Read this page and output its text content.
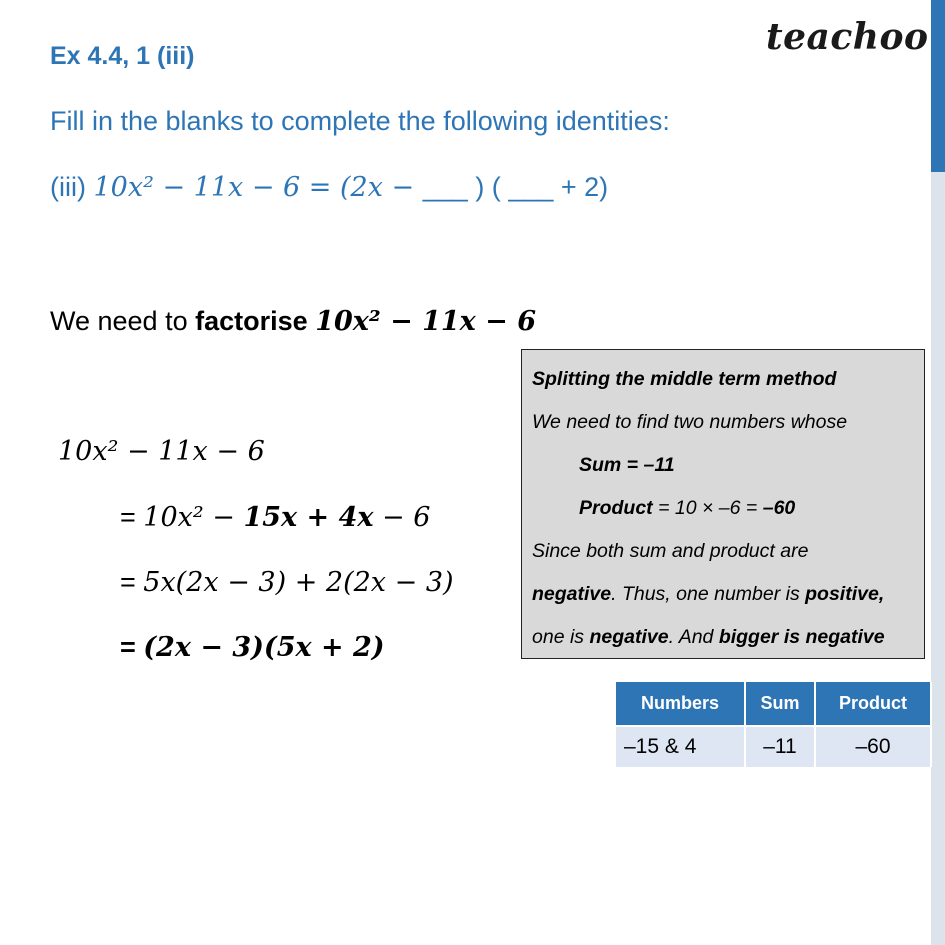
teachoo
Ex 4.4, 1 (iii)
Fill in the blanks to complete the following identities:
(iii) 10x² − 11x − 6 = (2x − ___ ) ( ___ + 2)
We need to factorise 10x² − 11x − 6
10x² − 11x − 6
= 10x² − 15x + 4x − 6
= 5x(2x − 3) + 2(2x − 3)
= (2x − 3)(5x + 2)
Splitting the middle term method
We need to find two numbers whose
Sum = –11
Product = 10 × –6 = –60
Since both sum and product are
negative. Thus, one number is positive,
one is negative. And bigger is negative
Numbers	Sum	Product
–15 & 4	–11	–60
